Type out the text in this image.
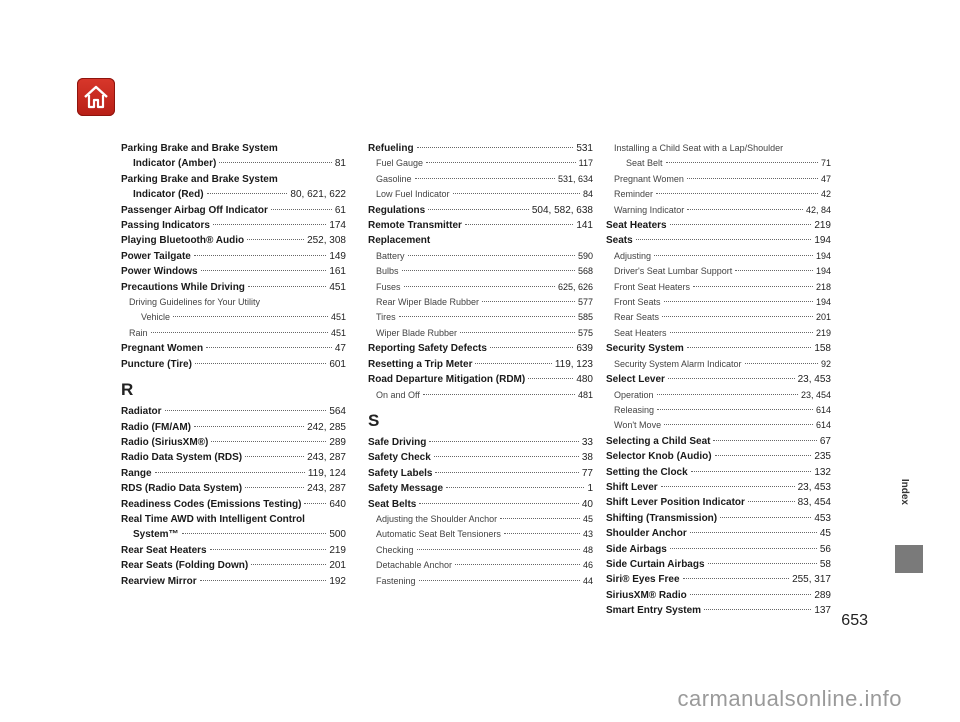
Parking Brake and Brake System
Indicator (Amber)	81
Parking Brake and Brake System
Indicator (Red)	80, 621, 622
Passenger Airbag Off Indicator	61
Passing Indicators	174
Playing Bluetooth® Audio	252, 308
Power Tailgate	149
Power Windows	161
Precautions While Driving	451
Driving Guidelines for Your Utility
Vehicle	451
Rain	451
Pregnant Women	47
Puncture (Tire)	601
R
Radiator	564
Radio (FM/AM)	242, 285
Radio (SiriusXM®)	289
Radio Data System (RDS)	243, 287
Range	119, 124
RDS (Radio Data System)	243, 287
Readiness Codes (Emissions Testing)	640
Real Time AWD with Intelligent Control
System™	500
Rear Seat Heaters	219
Rear Seats (Folding Down)	201
Rearview Mirror	192
Refueling	531
Fuel Gauge	117
Gasoline	531, 634
Low Fuel Indicator	84
Regulations	504, 582, 638
Remote Transmitter	141
Replacement
Battery	590
Bulbs	568
Fuses	625, 626
Rear Wiper Blade Rubber	577
Tires	585
Wiper Blade Rubber	575
Reporting Safety Defects	639
Resetting a Trip Meter	119, 123
Road Departure Mitigation (RDM)	480
On and Off	481
S
Safe Driving	33
Safety Check	38
Safety Labels	77
Safety Message	1
Seat Belts	40
Adjusting the Shoulder Anchor	45
Automatic Seat Belt Tensioners	43
Checking	48
Detachable Anchor	46
Fastening	44
Installing a Child Seat with a Lap/Shoulder
Seat Belt	71
Pregnant Women	47
Reminder	42
Warning Indicator	42, 84
Seat Heaters	219
Seats	194
Adjusting	194
Driver's Seat Lumbar Support	194
Front Seat Heaters	218
Front Seats	194
Rear Seats	201
Seat Heaters	219
Security System	158
Security System Alarm Indicator	92
Select Lever	23, 453
Operation	23, 454
Releasing	614
Won't Move	614
Selecting a Child Seat	67
Selector Knob (Audio)	235
Setting the Clock	132
Shift Lever	23, 453
Shift Lever Position Indicator	83, 454
Shifting (Transmission)	453
Shoulder Anchor	45
Side Airbags	56
Side Curtain Airbags	58
Siri® Eyes Free	255, 317
SiriusXM® Radio	289
Smart Entry System	137
Index
653
carmanualsonline.info
